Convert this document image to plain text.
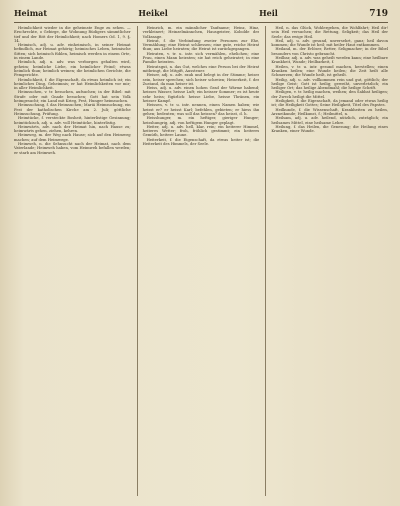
Heimat	Heikel	Heil	719

Heimlichkeit wieder in die geheimste Enge zu sehen. — Erschreckte, o Gebirge, die Wohnung Rüdigers sämmtlicher tief und der Ritt der Heimlichkeit; nach Homers Od. 1, 9. §. 14.

Heimisch, adj. u. adv. einheimisch, in seiner Heimat befindlich, zur Heimat gehörig; heimisches Leben, heimische Sitten; sich heimisch fühlen, heimisch werden in einem Orte, in einem Lande.

Heimlich, adj. u. adv. was verborgen gehalten wird, geheim; heimliche Liebe, ein heimlicher Feind; etwas heimlich thun; heimlich weinen; die heimlichen Gerichte, die Femgerichte.

Heimlichkeit, f. die Eigenschaft, da etwas heimlich ist; ein heimliches Ding, Geheimnis; er hat Heimlichkeiten vor mir; in aller Heimlichkeit.

Heimsuchen, v. tr. besuchen, aufsuchen; in der Bibel: mit Strafe oder mit Gnade besuchen; Gott hat sein Volk heimgesucht; ein Land mit Krieg, Pest, Hunger heimsuchen.

Heimsuchung, f. das Heimsuchen; Mariä Heimsuchung, ein Fest der katholischen Kirche am 2. Juli; göttliche Heimsuchung, Prüfung.

Heimtücke, f. versteckte Bosheit, hinterlistige Gesinnung; heimtückisch, adj. u. adv. voll Heimtücke, hinterlistig.

Heimwärts, adv. nach der Heimat hin, nach Hause zu; heimwärts gehen, ziehen, kehren.

Heimweg, m. der Weg nach Hause; sich auf den Heimweg machen; auf dem Heimwege.

Heimweh, n. die Sehnsucht nach der Heimat, nach dem Vaterlande; Heimweh haben, vom Heimweh befallen werden; er starb am Heimweh.

Heinrich, m. ein männlicher Taufname; Heinz, Hinz, verkleinert; Heinzelmännchen, Hausgeister, Kobolde der Volkssage.

Heirat, f. die Verbindung zweier Personen zur Ehe, Vermählung; eine Heirat schliessen; eine gute, reiche Heirat thun; aus Liebe heiraten; die Heirat ist zurückgegangen.

Heiraten, v. tr. u. intr. sich vermählen, ehelichen; eine Frau, einen Mann heiraten; sie hat reich geheiratet; in eine Familie heiraten.

Heiratsgut, n. das Gut, welches eine Person bei der Heirat mitbringt, die Mitgift, Aussteuer.

Heiser, adj. u. adv. rauh und belegt in der Stimme; heiser sein, heiser sprechen; sich heiser schreien; Heiserkeit, f. der Zustand, da man heiser ist.

Heiss, adj. u. adv. einen hohen Grad der Wärme habend; heisses Wasser, heisse Luft; ein heisser Sommer; es ist heute sehr heiss; figürlich: heisse Liebe, heisse Thränen, ein heisser Kampf.

Heissen, v. tr. u. intr. nennen, einen Namen haben; wie heisst er? er heisst Karl; befehlen, gebieten; er hiess ihn gehen; bedeuten; was soll das heissen? das heisst, d. h.

Heisshunger, m. ein heftiger, gieriger Hunger; heisshungrig, adj. von heftigem Hunger geplagt.

Heiter, adj. u. adv. hell, klar, rein; ein heiterer Himmel, heiteres Wetter; froh, fröhlich gestimmt; ein heiteres Gemüth, heitere Laune.

Heiterkeit, f. die Eigenschaft, da etwas heiter ist; die Heiterkeit des Himmels, der Seele.

Heil, n. das Glück, Wohlergehen, die Wohlfahrt; Heil dir! sein Heil versuchen; die Rettung, Seligkeit; das Heil der Seele; das ewige Heil.

Heil, adj. u. adv. gesund, unversehrt, ganz; heil davon kommen; die Wunde ist heil; mit heiler Haut entkommen.

Heiland, m. der Erlöser, Retter, Seligmacher; in der Bibel besonders von Christo gebraucht.

Heilbar, adj. u. adv. was geheilt werden kann; eine heilbare Krankheit, Wunde; Heilbarkeit, f.

Heilen, v. tr. u. intr. gesund machen, herstellen; einen Kranken heilen; eine Wunde heilen; die Zeit heilt alle Schmerzen; die Wunde heilt, ist geheilt.

Heilig, adj. u. adv. vollkommen rein und gut, göttlich; der heilige Geist; Gott ist heilig; geweiht, unverletzlich; ein heiliger Ort; das heilige Abendmahl; die heilige Schrift.

Heiligen, v. tr. heilig machen, weihen; den Sabbat heiligen; der Zweck heiligt die Mittel.

Heiligkeit, f. die Eigenschaft, da jemand oder etwas heilig ist; die Heiligkeit Gottes; Seine Heiligkeit, Titel des Papstes.

Heilkunde, f. die Wissenschaft, Krankheiten zu heilen, Arzneikunde; Heilkunst, f.; Heilmittel, n.

Heilsam, adj. u. adv. heilend, nützlich, zuträglich; ein heilsames Mittel, eine heilsame Lehre.

Heilung, f. das Heilen, die Genesung; die Heilung eines Kranken, einer Wunde.
